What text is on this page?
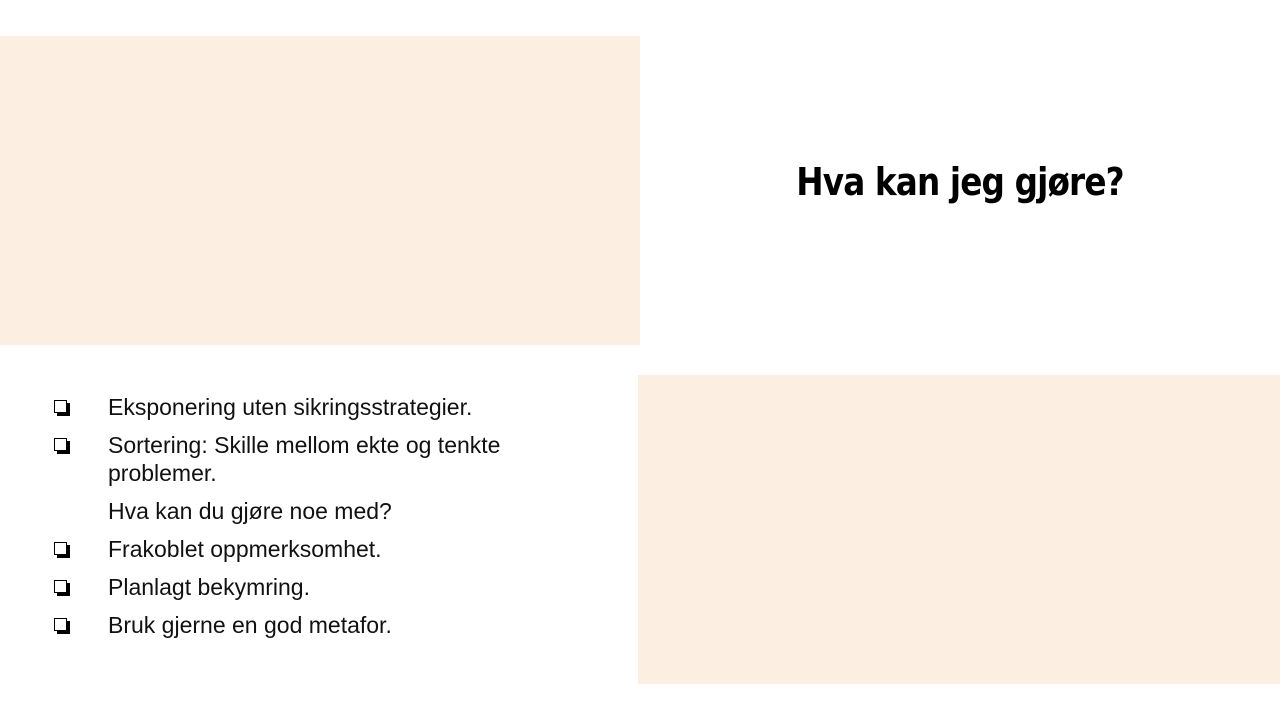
Hva kan jeg gjøre?
Eksponering uten sikringsstrategier.
Sortering: Skille mellom ekte og tenkte problemer.
Hva kan du gjøre noe med?
Frakoblet oppmerksomhet.
Planlagt bekymring.
Bruk gjerne en god metafor.
